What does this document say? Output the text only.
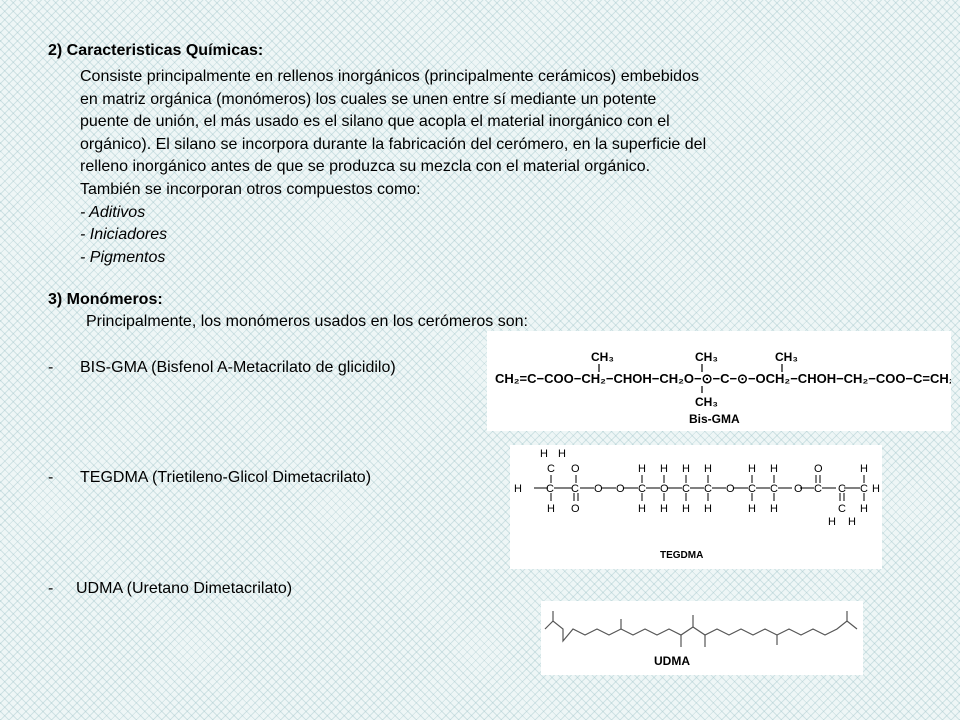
2) Caracteristicas Químicas:
Consiste principalmente en rellenos inorgánicos (principalmente cerámicos) embebidos
en matriz orgánica (monómeros) los cuales se unen entre sí mediante un potente
puente de unión, el más usado es el silano que acopla el material inorgánico con el
orgánico). El silano se incorpora durante la fabricación del cerómero, en la superficie del
relleno inorgánico antes de que se produzca su mezcla con el material orgánico.
También se incorporan otros compuestos como:
- Aditivos
- Iniciadores
- Pigmentos
3) Monómeros:
Principalmente, los monómeros usados en los cerómeros son:
- BIS-GMA (Bisfenol A-Metacrilato de glicidilo)
- TEGDMA (Trietileno-Glicol Dimetacrilato)
- UDMA (Uretano Dimetacrilato)
CH₂=C−COO−CH₂−CHOH−CH₂O−⊙−C−⊙−OCH₂−CHOH−CH₂−COO−C=CH₂
CH₃	CH₃
CH₃
CH₃
Bis-GMA
H C C O O C O C C O C C O C C C H
C
H H
H O
O	H
H
H
H
H
H
H
H
H
H
H
H
O
C
H H
H
H
TEGDMA
UDMA
